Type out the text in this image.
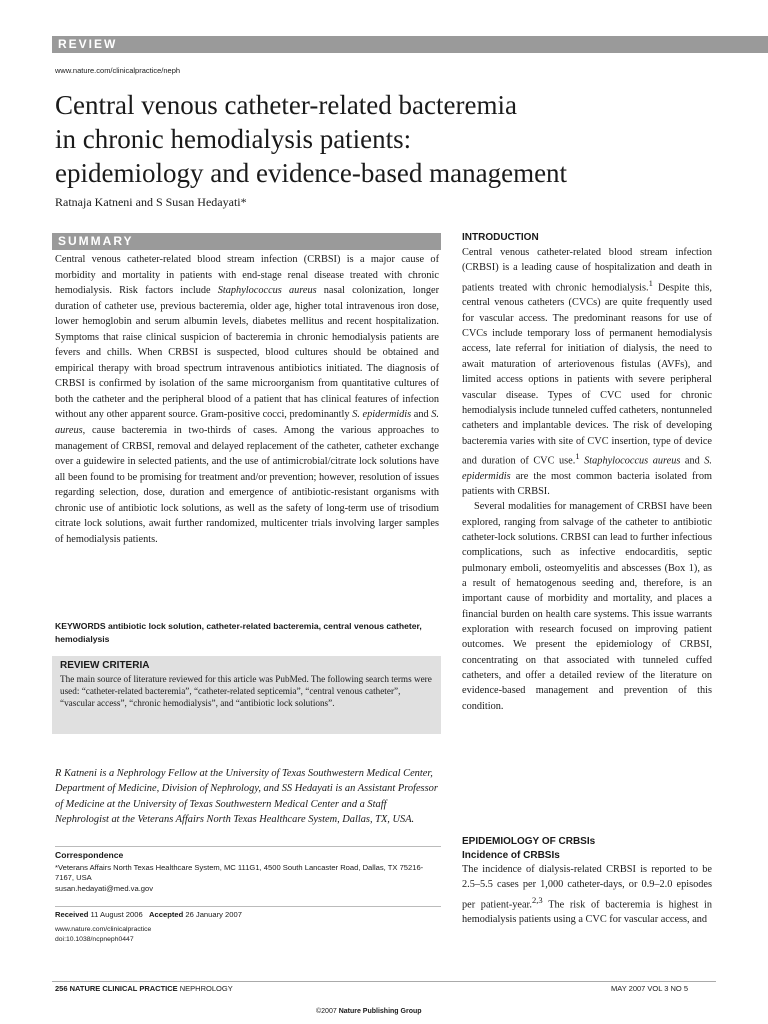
REVIEW
www.nature.com/clinicalpractice/neph
Central venous catheter-related bacteremia
in chronic hemodialysis patients:
epidemiology and evidence-based management
Ratnaja Katneni and S Susan Hedayati*
SUMMARY

Central venous catheter-related blood stream infection (CRBSI) is a major cause of morbidity and mortality in patients with end-stage renal disease treated with chronic hemodialysis. Risk factors include Staphylococcus aureus nasal colonization, longer duration of catheter use, previous bacteremia, older age, higher total intravenous iron dose, lower hemoglobin and serum albumin levels, diabetes mellitus and recent hospitalization. Symptoms that raise clinical suspicion of bacteremia in chronic hemodialysis patients are fevers and chills. When CRBSI is suspected, blood cultures should be obtained and empirical therapy with broad spectrum intravenous antibiotics initiated. The diagnosis of CRBSI is confirmed by isolation of the same microorganism from quantitative cultures of both the catheter and the peripheral blood of a patient that has clinical features of infection without any other apparent source. Gram-positive cocci, predominantly S. epidermidis and S. aureus, cause bacteremia in two-thirds of cases. Among the various approaches to management of CRBSI, removal and delayed replacement of the catheter, catheter exchange over a guidewire in selected patients, and the use of antimicrobial/citrate lock solutions have all been found to be promising for treatment and/or prevention; however, resolution of issues regarding selection, dose, duration and emergence of antibiotic-resistant organisms with chronic use of antibiotic lock solutions, as well as the safety of long-term use of trisodium citrate lock solutions, await further randomized, multicenter trials involving larger samples of hemodialysis patients.

KEYWORDS antibiotic lock solution, catheter-related bacteremia, central venous catheter, hemodialysis
REVIEW CRITERIA

The main source of literature reviewed for this article was PubMed. The following search terms were used: “catheter-related bacteremia”, “catheter-related septicemia”, “central venous catheter”, “vascular access”, “chronic hemodialysis”, and “antibiotic lock solutions”.

R Katneni is a Nephrology Fellow at the University of Texas Southwestern Medical Center, Department of Medicine, Division of Nephrology, and SS Hedayati is an Assistant Professor of Medicine at the University of Texas Southwestern Medical Center and a Staff Nephrologist at the Veterans Affairs North Texas Healthcare System, Dallas, TX, USA.

Correspondence
*Veterans Affairs North Texas Healthcare System, MC 111G1, 4500 South Lancaster Road, Dallas, TX 75216-7167, USA
susan.hedayati@med.va.gov
Received 11 August 2006 Accepted 26 January 2007
www.nature.com/clinicalpractice
doi:10.1038/ncpneph0447
INTRODUCTION

Central venous catheter-related blood stream infection (CRBSI) is a leading cause of hospitalization and death in patients treated with chronic hemodialysis.$^1$ Despite this, central venous catheters (CVCs) are quite frequently used for vascular access. The predominant reasons for use of CVCs include temporary loss of permanent hemodialysis access, late referral for initiation of dialysis, the need to await maturation of arteriovenous fistulas (AVFs), and limited access options in patients with severe peripheral vascular disease. Types of CVC used for chronic hemodialysis include tunneled cuffed catheters, nontunneled catheters and implantable devices. The risk of developing bacteremia varies with site of CVC insertion, type of device and duration of CVC use.$^1$ Staphylococcus aureus and S. epidermidis are the most common bacteria isolated from patients with CRBSI.

Several modalities for management of CRBSI have been explored, ranging from salvage of the catheter to antibiotic catheter-lock solutions. CRBSI can lead to further infectious complications, such as infective endocarditis, septic pulmonary emboli, osteomyelitis and abscesses (Box 1), as a result of hematogenous seeding and, therefore, is an important cause of morbidity and mortality, and places a financial burden on health care systems. This issue warrants exploration with research focused on improving patient outcomes. We present the epidemiology of CRBSI, concentrating on that associated with tunneled cuffed catheters, and offer a detailed review of the literature on evidence-based management and prevention of this condition.

EPIDEMIOLOGY OF CRBSIs
Incidence of CRBSIs

The incidence of dialysis-related CRBSI is reported to be 2.5–5.5 cases per 1,000 catheter-days, or 0.9–2.0 episodes per patient-year.$^{2,3}$ The risk of bacteremia is highest in hemodialysis patients using a CVC for vascular access, and

256 NATURE CLINICAL PRACTICE NEPHROLOGY	MAY 2007 VOL 3 NO 5
©2007 Nature Publishing Group
